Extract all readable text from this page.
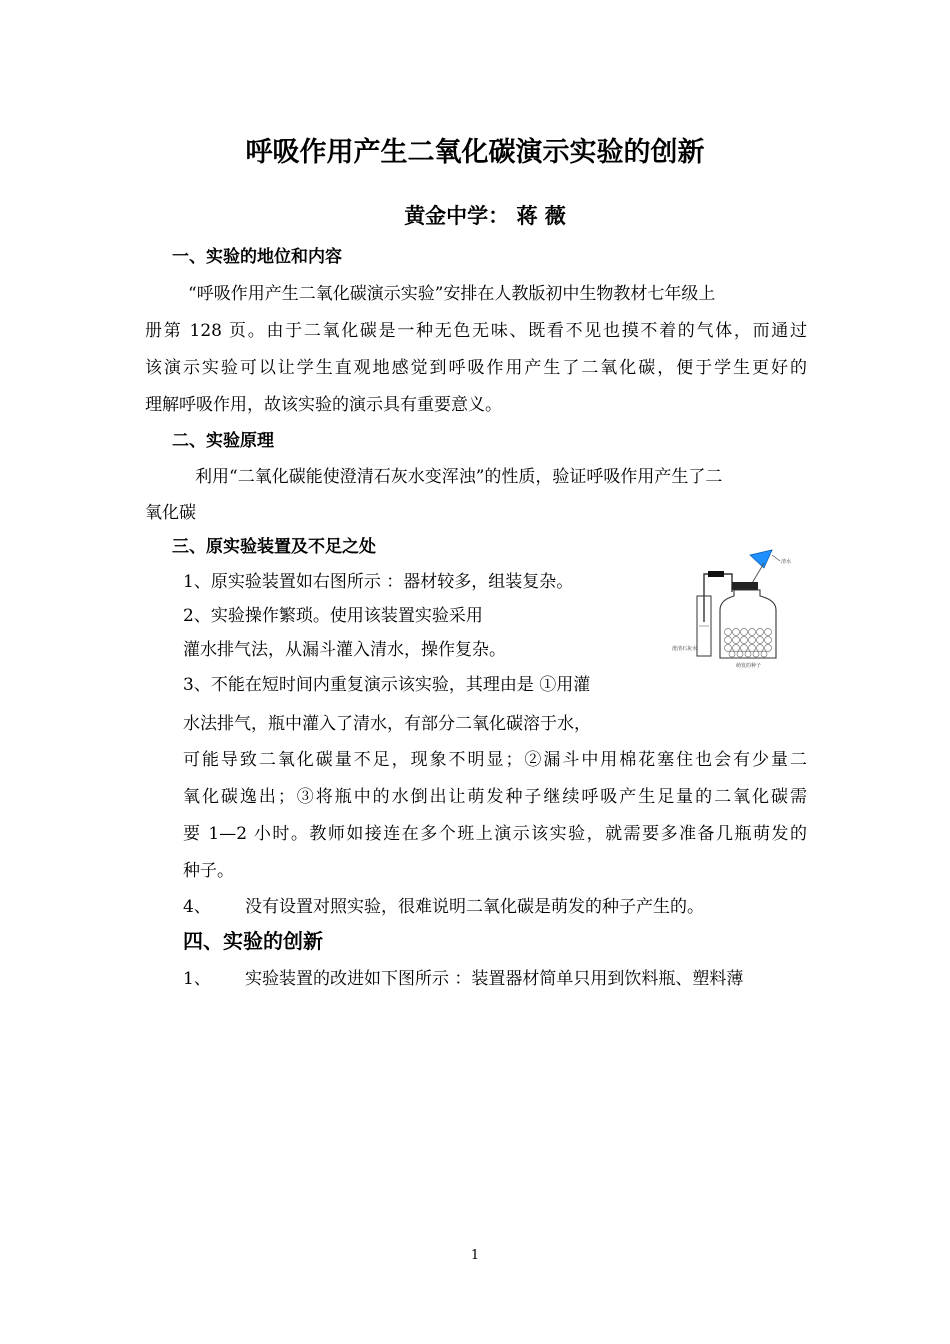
呼吸作用产生二氧化碳演示实验的创新
黄金中学： 蒋 薇
一、实验的地位和内容
“呼吸作用产生二氧化碳演示实验”安排在人教版初中生物教材七年级上
册第 128 页。由于二氧化碳是一种无色无味、既看不见也摸不着的气体，而通过
该演示实验可以让学生直观地感觉到呼吸作用产生了二氧化碳，便于学生更好的
理解呼吸作用，故该实验的演示具有重要意义。
二、实验原理
利用“二氧化碳能使澄清石灰水变浑浊”的性质，验证呼吸作用产生了二
氧化碳
三、原实验装置及不足之处
1、原实验装置如右图所示 ：器材较多，组装复杂。
2、实验操作繁琐。使用该装置实验采用
灌水排气法，从漏斗灌入清水，操作复杂。
3、不能在短时间内重复演示该实验，其理由是 ①用灌
水法排气，瓶中灌入了清水，有部分二氧化碳溶于水，
可能导致二氧化碳量不足，现象不明显；②漏斗中用棉花塞住也会有少量二
氧化碳逸出；③将瓶中的水倒出让萌发种子继续呼吸产生足量的二氧化碳需
要 1—2 小时。教师如接连在多个班上演示该实验，就需要多准备几瓶萌发的
种子。
4、 没有设置对照实验，很难说明二氧化碳是萌发的种子产生的。
清水
澄清石灰水
萌发的种子
四、实验的创新
1、 实验装置的改进如下图所示 ：装置器材简单只用到饮料瓶、塑料薄
1
